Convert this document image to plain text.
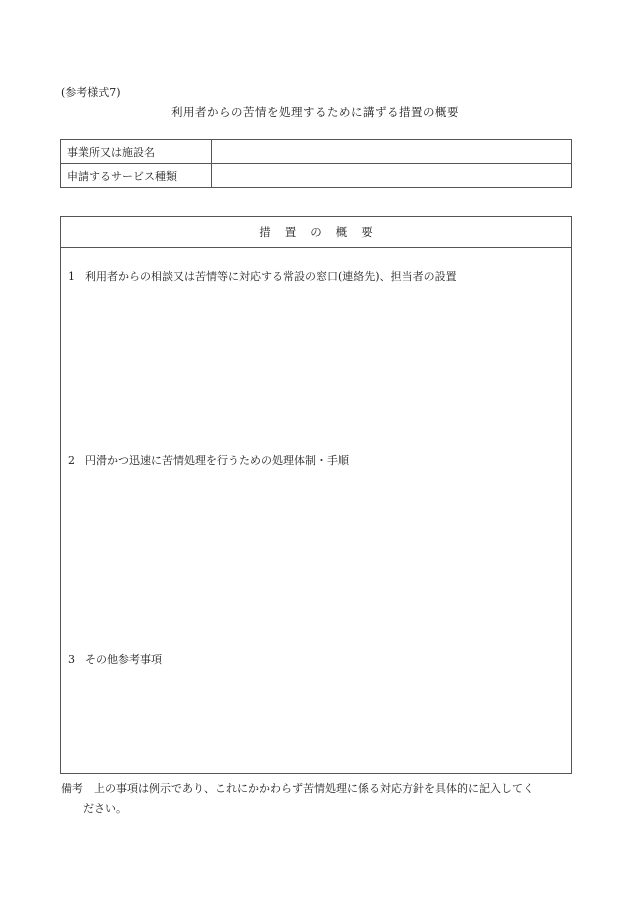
(参考様式7)
利用者からの苦情を処理するために講ずる措置の概要
事業所又は施設名	
申請するサービス種類	
措置の概要
1 利用者からの相談又は苦情等に対応する常設の窓口(連絡先)、担当者の設置
2 円滑かつ迅速に苦情処理を行うための処理体制・手順
3 その他参考事項
備考	上の事項は例示であり、これにかかわらず苦情処理に係る対応方針を具体的に記入してく
ださい。
